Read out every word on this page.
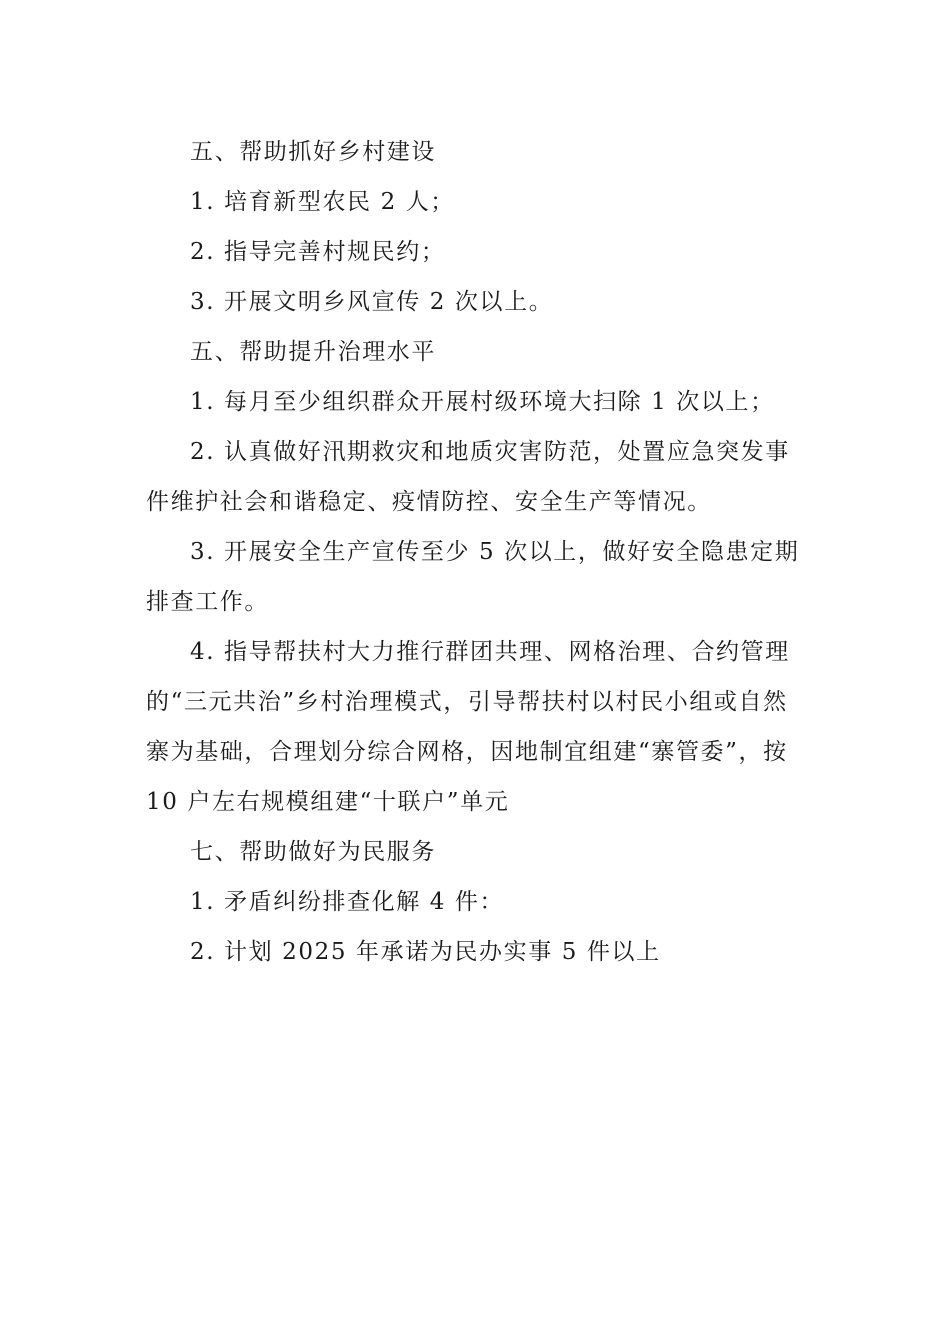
五、帮助抓好乡村建设

1. 培育新型农民 2 人；

2. 指导完善村规民约；

3. 开展文明乡风宣传 2 次以上。

五、帮助提升治理水平

1. 每月至少组织群众开展村级环境大扫除 1 次以上；

2. 认真做好汛期救灾和地质灾害防范，处置应急突发事件维护社会和谐稳定、疫情防控、安全生产等情况。

3. 开展安全生产宣传至少 5 次以上，做好安全隐患定期排查工作。

4. 指导帮扶村大力推行群团共理、网格治理、合约管理的“三元共治”乡村治理模式，引导帮扶村以村民小组或自然寨为基础，合理划分综合网格，因地制宜组建“寨管委”，按 10 户左右规模组建“十联户”单元

七、帮助做好为民服务

1. 矛盾纠纷排查化解 4 件：

2. 计划 2025 年承诺为民办实事 5 件以上
